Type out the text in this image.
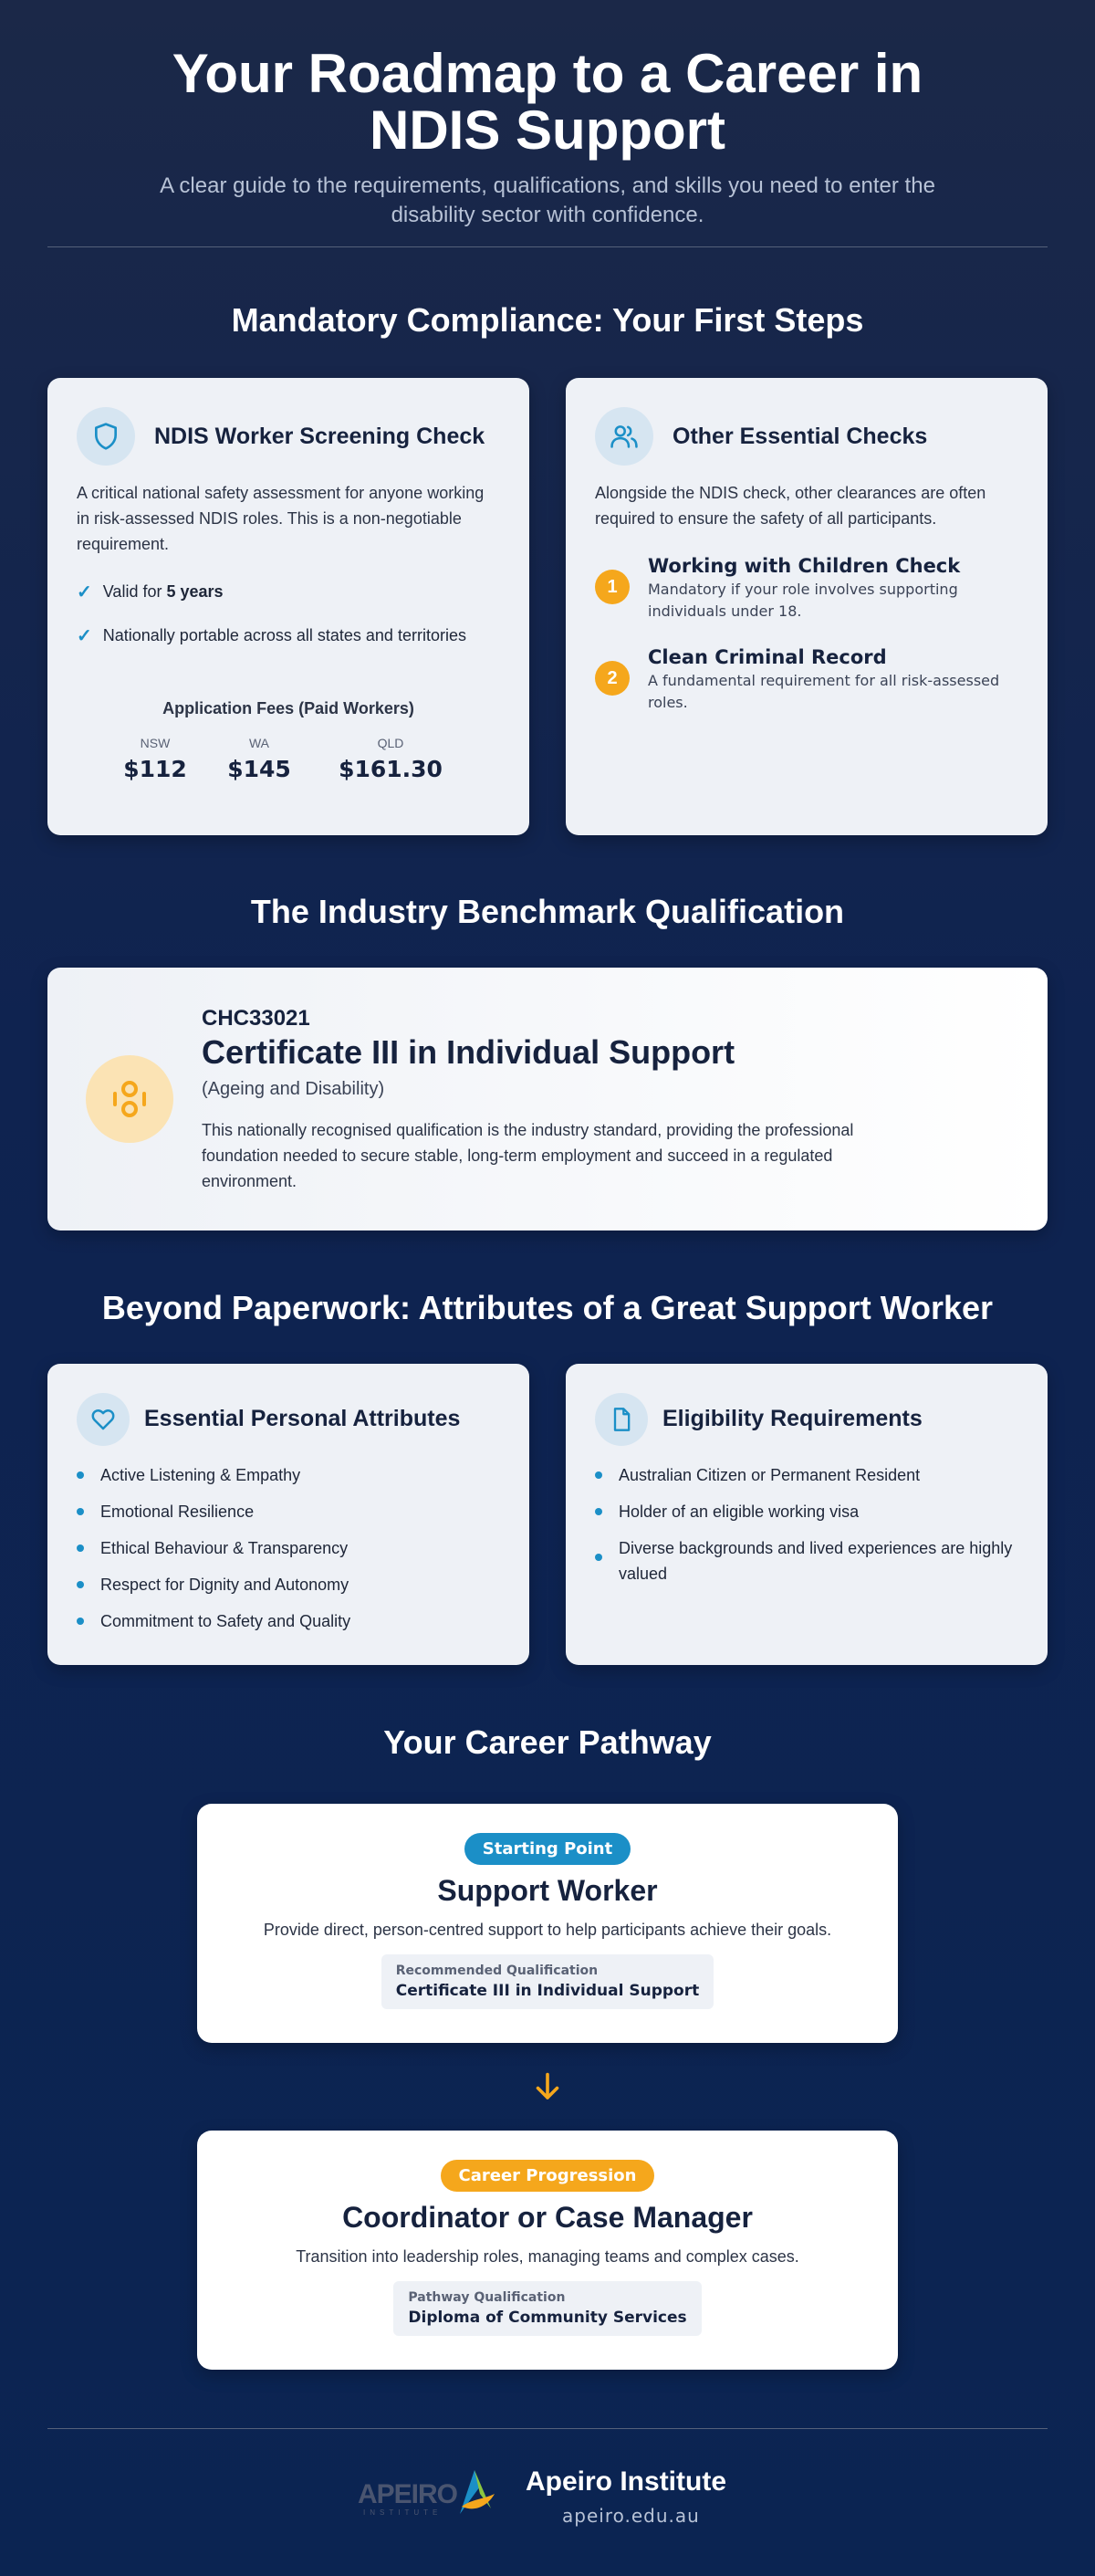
Your Roadmap to a Career in NDIS Support

A clear guide to the requirements, qualifications, and skills you need to enter the disability sector with confidence.

Mandatory Compliance: Your First Steps
NDIS Worker Screening Check
A critical national safety assessment for anyone working in risk-assessed NDIS roles. This is a non-negotiable requirement.
✓ Valid for 5 years
✓ Nationally portable across all states and territories
Application Fees (Paid Workers)
NSW
$112
WA
$145
QLD
$161.30
Other Essential Checks
Alongside the NDIS check, other clearances are often required to ensure the safety of all participants.
1
Working with Children Check
Mandatory if your role involves supporting individuals under 18.
2
Clean Criminal Record
A fundamental requirement for all risk-assessed roles.
The Industry Benchmark Qualification
CHC33021
Certificate III in Individual Support
(Ageing and Disability)
This nationally recognised qualification is the industry standard, providing the professional foundation needed to secure stable, long-term employment and succeed in a regulated environment.
Beyond Paperwork: Attributes of a Great Support Worker
Essential Personal Attributes
Active Listening & Empathy
Emotional Resilience
Ethical Behaviour & Transparency
Respect for Dignity and Autonomy
Commitment to Safety and Quality
Eligibility Requirements
Australian Citizen or Permanent Resident
Holder of an eligible working visa
Diverse backgrounds and lived experiences are highly valued
Your Career Pathway
Starting Point
Support Worker
Provide direct, person-centred support to help participants achieve their goals.
Recommended Qualification
Certificate III in Individual Support
Career Progression
Coordinator or Case Manager
Transition into leadership roles, managing teams and complex cases.
Pathway Qualification
Diploma of Community Services
APEIRO
INSTITUTE
Apeiro Institute
apeiro.edu.au
